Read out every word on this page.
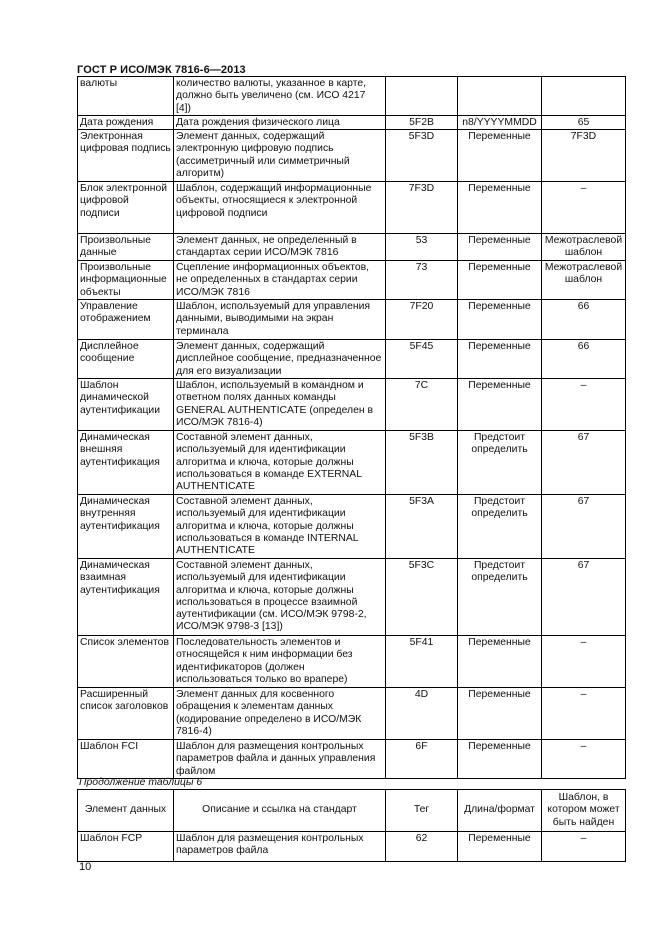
ГОСТ Р ИСО/МЭК 7816-6—2013
валюты	количество валюты, указанное в карте, должно быть увеличено (см. ИСО 4217 [4])			
Дата рождения	Дата рождения физического лица	5F2B	n8/YYYYMMDD	65
Электронная цифровая подпись	Элемент данных, содержащий электронную цифровую подпись (ассиметричный или симметричный алгоритм)	5F3D	Переменные	7F3D
Блок электронной цифровой подписи	Шаблон, содержащий информационные объекты, относящиеся к электронной цифровой подписи	7F3D	Переменные	–
Произвольные данные	Элемент данных, не определенный в стандартах серии ИСО/МЭК 7816	53	Переменные	Межотраслевой шаблон
Произвольные информационные объекты	Сцепление информационных объектов, не определенных в стандартах серии ИСО/МЭК 7816	73	Переменные	Межотраслевой шаблон
Управление отображением	Шаблон, используемый для управления данными, выводимыми на экран терминала	7F20	Переменные	66
Дисплейное сообщение	Элемент данных, содержащий дисплейное сообщение, предназначенное для его визуализации	5F45	Переменные	66
Шаблон динамической аутентификации	Шаблон, используемый в командном и ответном полях данных команды GENERAL AUTHENTICATE (определен в ИСО/МЭК 7816-4)	7C	Переменные	–
Динамическая внешняя аутентификация	Составной элемент данных, используемый для идентификации алгоритма и ключа, которые должны использоваться в команде EXTERNAL AUTHENTICATE	5F3B	Предстоит определить	67
Динамическая внутренняя аутентификация	Составной элемент данных, используемый для идентификации алгоритма и ключа, которые должны использоваться в команде INTERNAL AUTHENTICATE	5F3A	Предстоит определить	67
Динамическая взаимная аутентификация	Составной элемент данных, используемый для идентификации алгоритма и ключа, которые должны использоваться в процессе взаимной аутентификации (см. ИСО/МЭК 9798-2, ИСО/МЭК 9798-3 [13])	5F3C	Предстоит определить	67
Список элементов	Последовательность элементов и относящейся к ним информации без идентификаторов (должен использоваться только во врапере)	5F41	Переменные	–
Расширенный список заголовков	Элемент данных для косвенного обращения к элементам данных (кодирование определено в ИСО/МЭК 7816-4)	4D	Переменные	–
Шаблон FCI	Шаблон для размещения контрольных параметров файла и данных управления файлом	6F	Переменные	–
Продолжение таблицы 6
Элемент данных	Описание и ссылка на стандарт	Тег	Длина/формат	Шаблон, в котором может быть найден
Шаблон FCP	Шаблон для размещения контрольных параметров файла	62	Переменные	–
10
